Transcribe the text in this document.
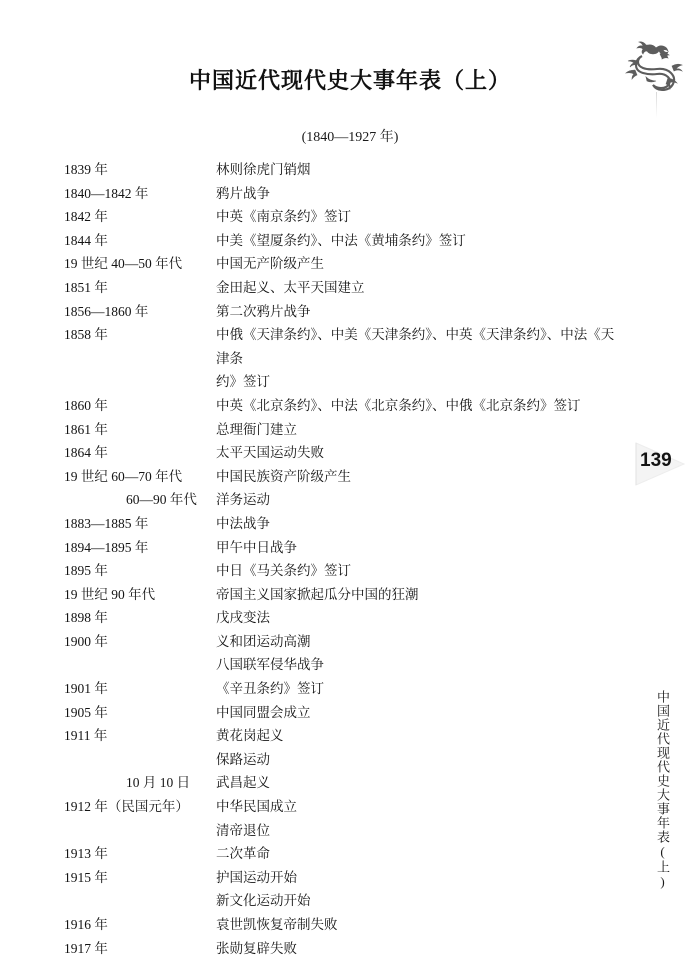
中国近代现代史大事年表（上）
(1840—1927 年)
1839 年	林则徐虎门销烟
1840—1842 年	鸦片战争
1842 年	中英《南京条约》签订
1844 年	中美《望厦条约》、中法《黄埔条约》签订
19 世纪 40—50 年代	中国无产阶级产生
1851 年	金田起义、太平天国建立
1856—1860 年	第二次鸦片战争
1858 年	中俄《天津条约》、中美《天津条约》、中英《天津条约》、中法《天津条
约》签订
1860 年	中英《北京条约》、中法《北京条约》、中俄《北京条约》签订
1861 年	总理衙门建立
1864 年	太平天国运动失败
19 世纪 60—70 年代	中国民族资产阶级产生
60—90 年代	洋务运动
1883—1885 年	中法战争
1894—1895 年	甲午中日战争
1895 年	中日《马关条约》签订
19 世纪 90 年代	帝国主义国家掀起瓜分中国的狂潮
1898 年	戊戌变法
1900 年	义和团运动高潮
八国联军侵华战争
1901 年	《辛丑条约》签订
1905 年	中国同盟会成立
1911 年	黄花岗起义
保路运动
10 月 10 日	武昌起义
1912 年（民国元年）	中华民国成立
清帝退位
1913 年	二次革命
1915 年	护国运动开始
新文化运动开始
1916 年	袁世凯恢复帝制失败
1917 年	张勋复辟失败
139
中国近代现代史大事年表(上)
